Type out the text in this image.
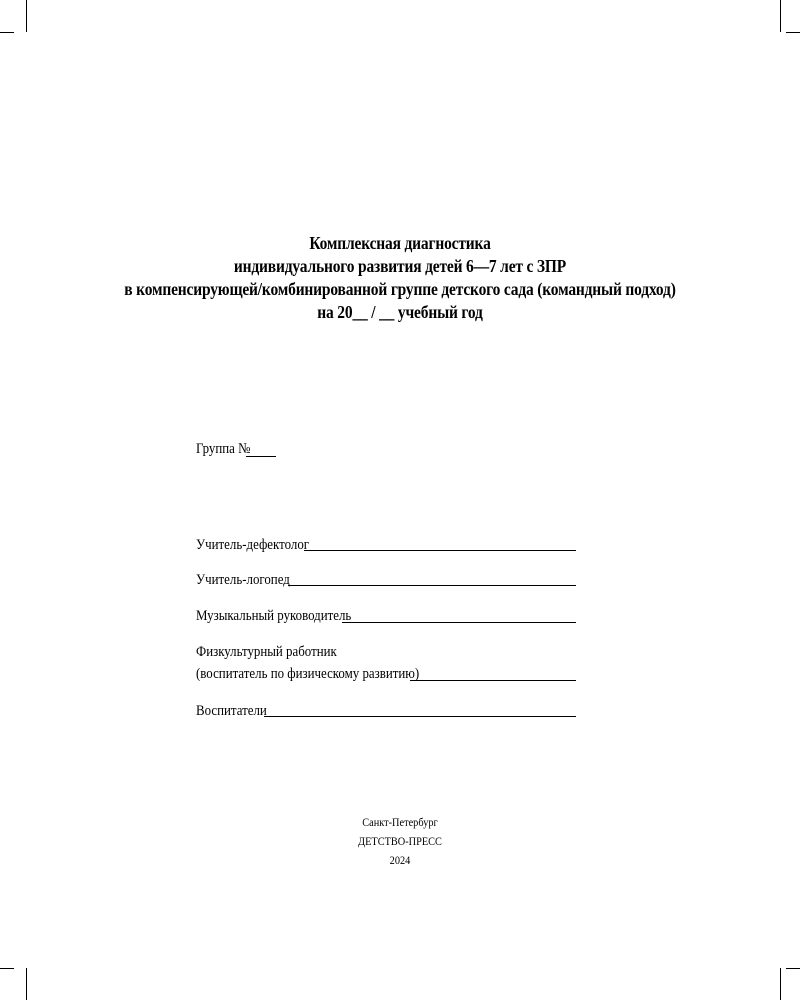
Комплексная диагностика
индивидуального развития детей 6—7 лет с ЗПР
в компенсирующей/комбинированной группе детского сада (командный подход)
на 20__ / __ учебный год
Группа №
Учитель-дефектолог
Учитель-логопед
Музыкальный руководитель
Физкультурный работник
(воспитатель по физическому развитию)
Воспитатели
Санкт-Петербург
ДЕТСТВО-ПРЕСС
2024
